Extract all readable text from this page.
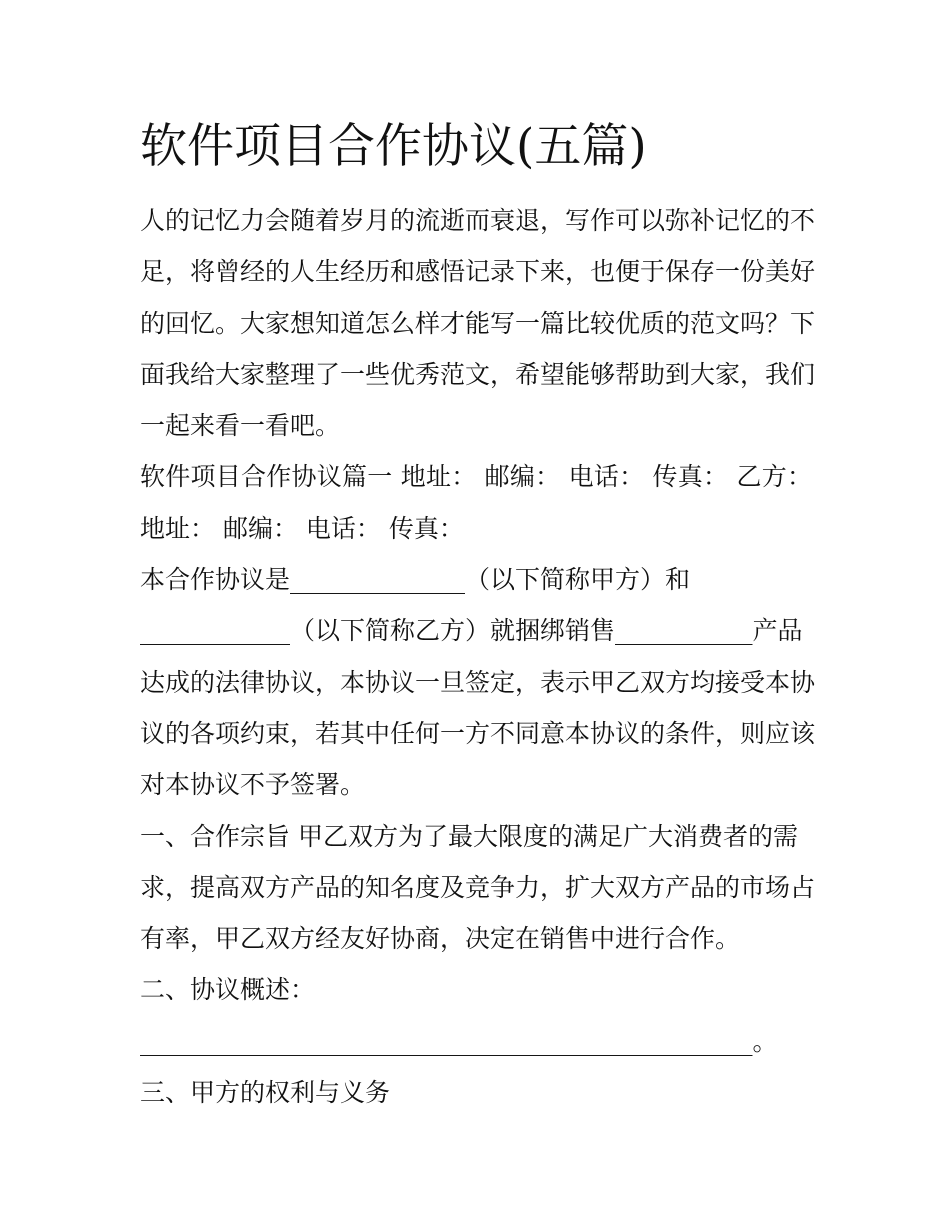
软件项目合作协议(五篇)

人的记忆力会随着岁月的流逝而衰退，写作可以弥补记忆的不

足，将曾经的人生经历和感悟记录下来，也便于保存一份美好

的回忆。大家想知道怎么样才能写一篇比较优质的范文吗？下

面我给大家整理了一些优秀范文，希望能够帮助到大家，我们

一起来看一看吧。

软件项目合作协议篇一 地址： 邮编： 电话： 传真： 乙方：

地址： 邮编： 电话： 传真：

本合作协议是______________（以下简称甲方）和

____________（以下简称乙方）就捆绑销售___________产品

达成的法律协议，本协议一旦签定，表示甲乙双方均接受本协

议的各项约束，若其中任何一方不同意本协议的条件，则应该

对本协议不予签署。

一、合作宗旨 甲乙双方为了最大限度的满足广大消费者的需

求，提高双方产品的知名度及竞争力，扩大双方产品的市场占

有率，甲乙双方经友好协商，决定在销售中进行合作。

二、协议概述：

_________________________________________________。

三、甲方的权利与义务
